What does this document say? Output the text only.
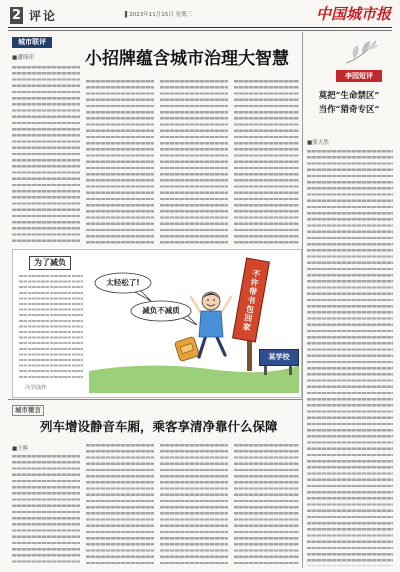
2 评论	▌2023年11月15日 星期三	中国城市报
城市联评
■潘铎印	小招牌蕴含城市治理大智慧
为了减负
冯学国/作
太轻松了!
减负不减质	不许带书包回家
某学校
城市微言
列车增设静音车厢，乘客享清净靠什么保障
■王辉
李园短评
莫把“生命禁区”
当作“猎奇专区”
■张天然
